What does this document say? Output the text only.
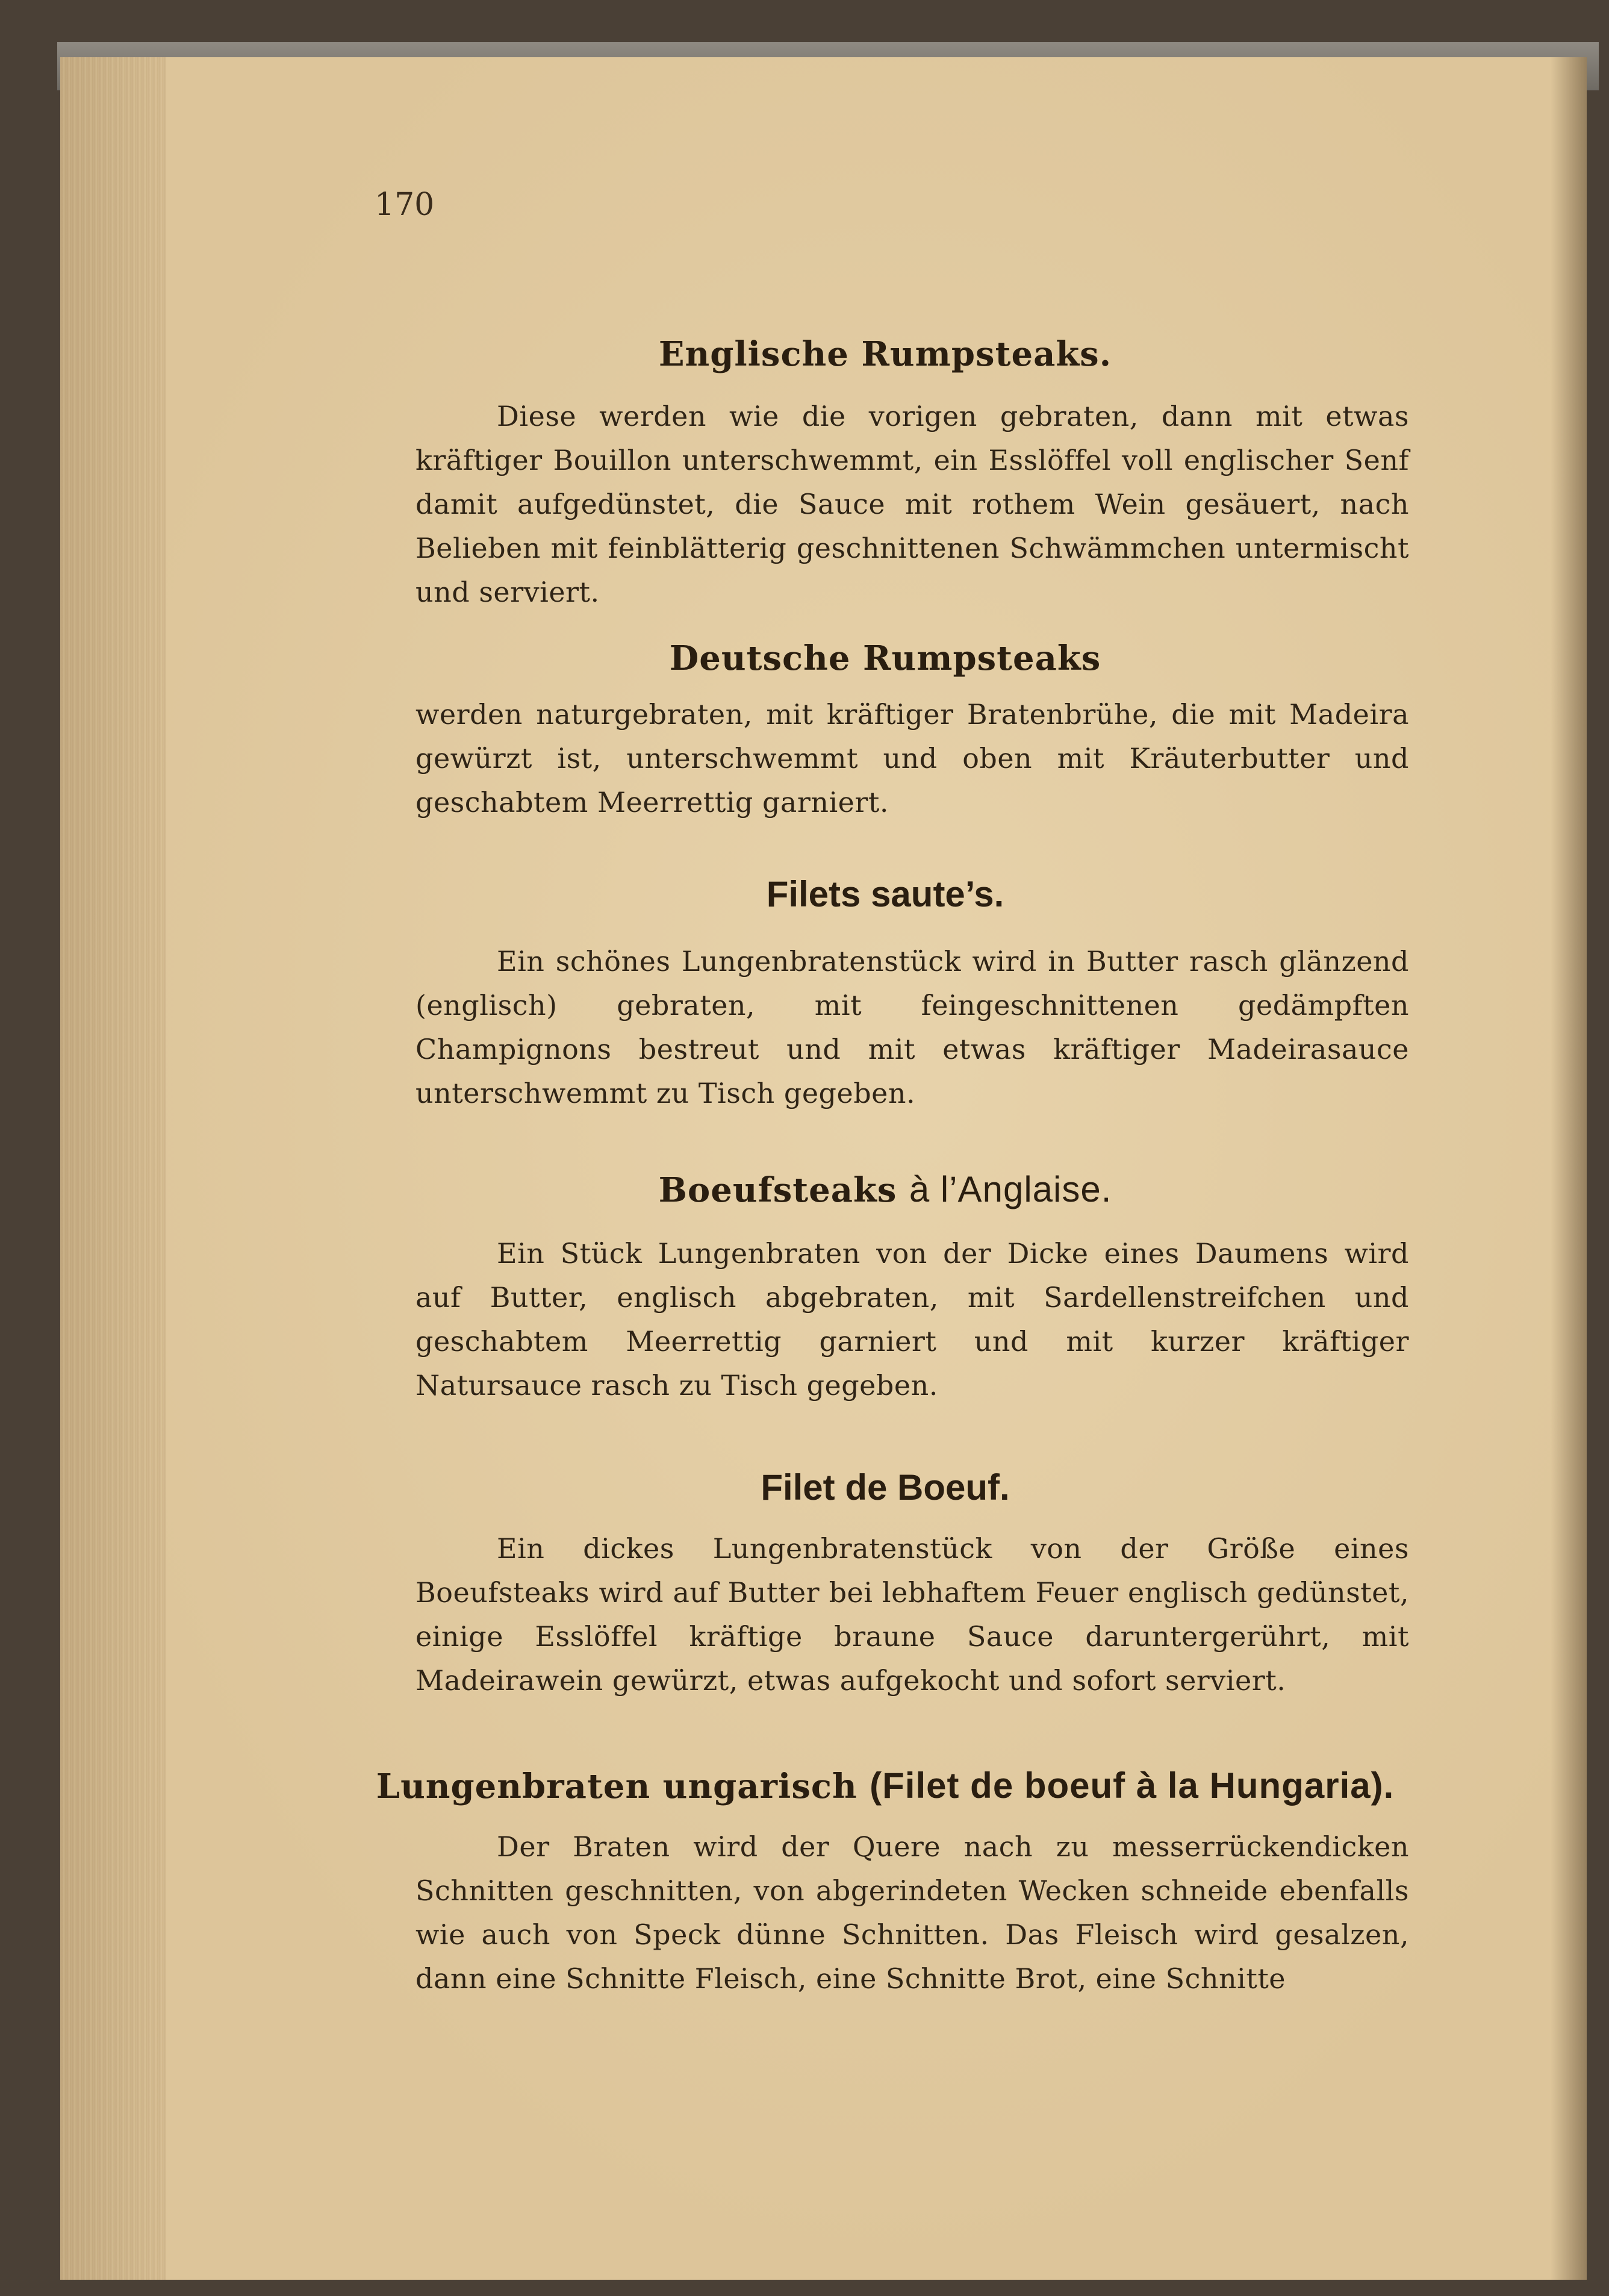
170
Englische Rumpsteaks.
Diese werden wie die vorigen gebraten, dann mit etwas kräftiger Bouillon unterschwemmt, ein Esslöffel voll englischer Senf damit aufgedünstet, die Sauce mit rothem Wein gesäuert, nach Belieben mit feinblätterig geschnittenen Schwämmchen untermischt und serviert.
Deutsche Rumpsteaks
werden naturgebraten, mit kräftiger Bratenbrühe, die mit Madeira gewürzt ist, unterschwemmt und oben mit Kräuterbutter und geschabtem Meerrettig garniert.
Filets saute’s.
Ein schönes Lungenbratenstück wird in Butter rasch glänzend (englisch) gebraten, mit feingeschnittenen gedämpften Champignons bestreut und mit etwas kräftiger Madeirasauce unterschwemmt zu Tisch gegeben.
Boeufsteaks à l’Anglaise.
Ein Stück Lungenbraten von der Dicke eines Daumens wird auf Butter, englisch abgebraten, mit Sardellenstreifchen und geschabtem Meerrettig garniert und mit kurzer kräftiger Natursauce rasch zu Tisch gegeben.
Filet de Boeuf.
Ein dickes Lungenbratenstück von der Größe eines Boeufsteaks wird auf Butter bei lebhaftem Feuer englisch gedünstet, einige Esslöffel kräftige braune Sauce daruntergerührt, mit Madeirawein gewürzt, etwas aufgekocht und sofort serviert.
Lungenbraten ungarisch (Filet de boeuf à la Hungaria).
Der Braten wird der Quere nach zu messerrückendicken Schnitten geschnitten, von abgerindeten Wecken schneide ebenfalls wie auch von Speck dünne Schnitten. Das Fleisch wird gesalzen, dann eine Schnitte Fleisch, eine Schnitte Brot, eine Schnitte
